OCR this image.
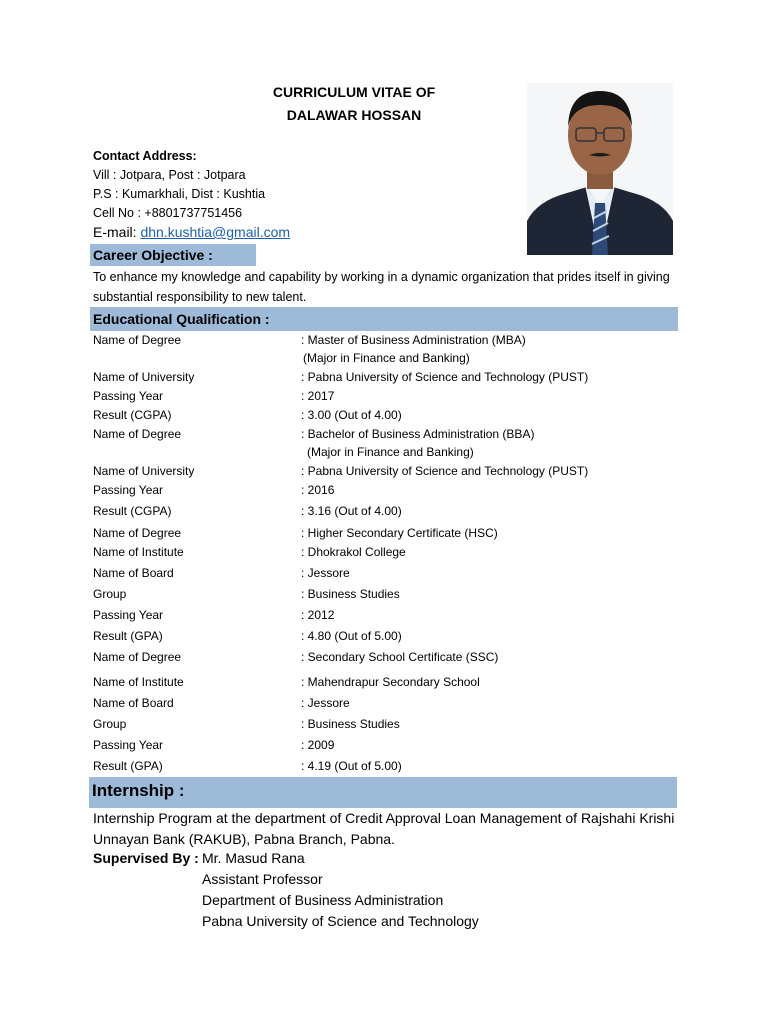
CURRICULUM VITAE OF
DALAWAR HOSSAN
Contact Address:
Vill : Jotpara, Post : Jotpara
P.S : Kumarkhali, Dist : Kushtia
Cell No : +8801737751456
E-mail: dhn.kushtia@gmail.com
Career Objective :
To enhance my knowledge and capability by working in a dynamic organization that prides itself in giving substantial responsibility to new talent.
Educational Qualification :
Name of Degree	: Master of Business Administration (MBA)
(Major in Finance and Banking)
Name of University	: Pabna University of Science and Technology (PUST)
Passing Year	: 2017
Result (CGPA)	: 3.00 (Out of 4.00)
Name of Degree	: Bachelor of Business Administration (BBA)
(Major in Finance and Banking)
Name of University	: Pabna University of Science and Technology (PUST)
Passing Year	: 2016
Result (CGPA)	: 3.16 (Out of 4.00)
Name of Degree	: Higher Secondary Certificate (HSC)
Name of Institute	: Dhokrakol College
Name of Board	: Jessore
Group	: Business Studies
Passing Year	: 2012
Result (GPA)	: 4.80 (Out of 5.00)
Name of Degree	: Secondary School Certificate (SSC)
Name of Institute	: Mahendrapur Secondary School
Name of Board	: Jessore
Group	: Business Studies
Passing Year	: 2009
Result (GPA)	: 4.19 (Out of 5.00)
Internship :
Internship Program at the department of Credit Approval Loan Management of Rajshahi Krishi Unnayan Bank (RAKUB), Pabna Branch, Pabna.
Supervised By : Mr. Masud Rana
Assistant Professor
Department of Business Administration
Pabna University of Science and Technology
